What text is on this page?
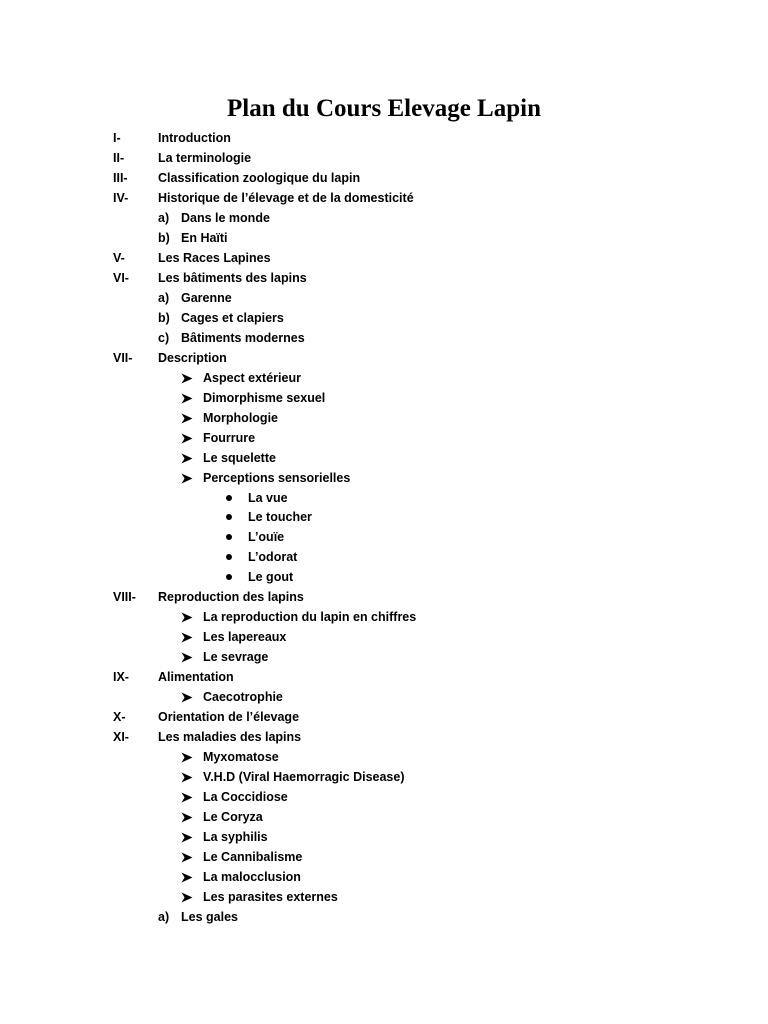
Plan du Cours Elevage Lapin
I-	Introduction
II-	La terminologie
III- Classification zoologique du lapin
IV- Historique de l’élevage et de la domesticité
a) Dans le monde
b) En Haïti
V-	Les Races Lapines
VI- Les bâtiments des lapins
a) Garenne
b) Cages et clapiers
c) Bâtiments modernes
VII- Description
Aspect extérieur
Dimorphisme sexuel
Morphologie
Fourrure
Le squelette
Perceptions sensorielles
La vue
Le toucher
L’ouïe
L’odorat
Le gout
VIII- Reproduction des lapins
La reproduction du lapin en chiffres
Les lapereaux
Le sevrage
IX- Alimentation
Caecotrophie
X-	Orientation de l’élevage
XI- Les maladies des lapins
Myxomatose
V.H.D (Viral Haemorragic Disease)
La Coccidiose
Le Coryza
La syphilis
Le Cannibalisme
La malocclusion
Les parasites externes
a) Les gales
